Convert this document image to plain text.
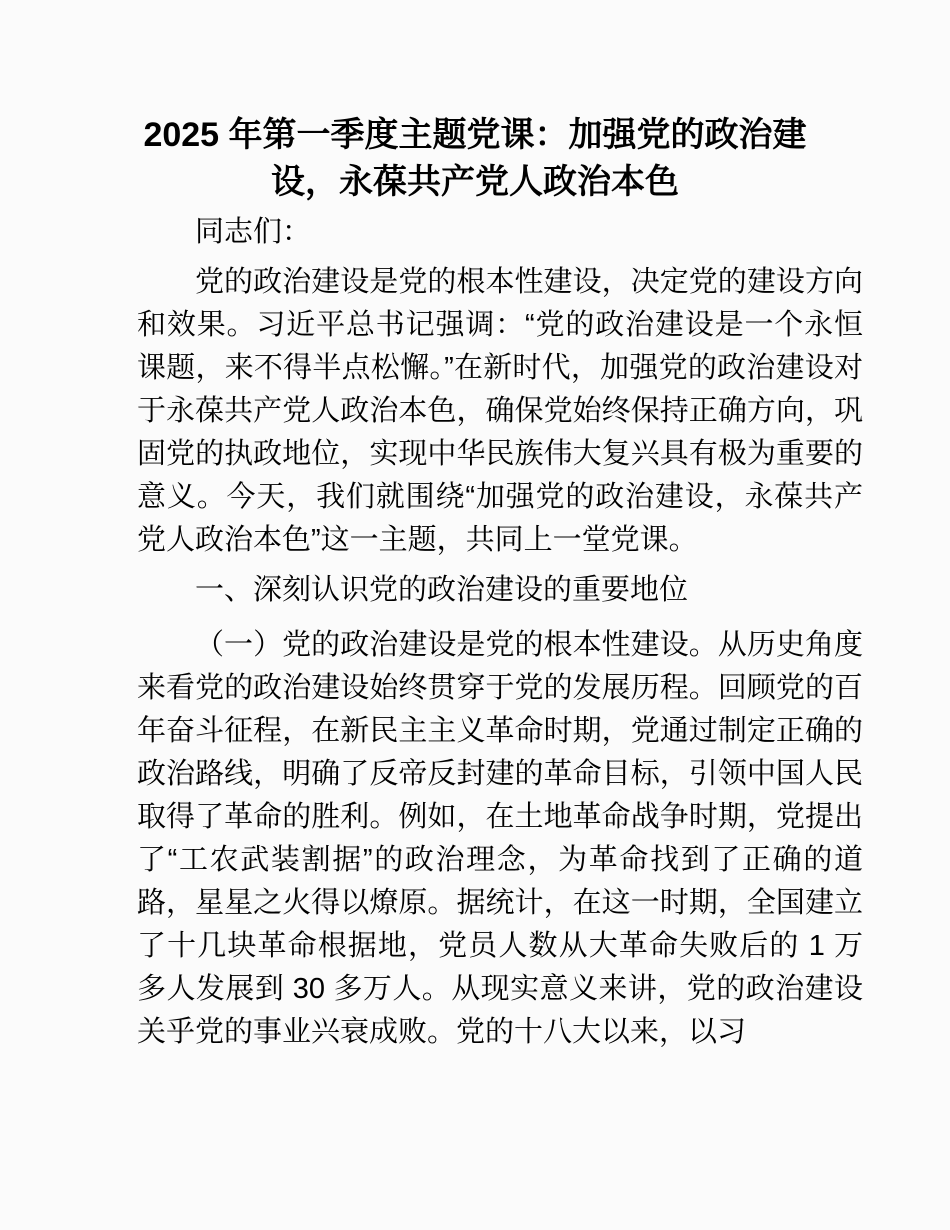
2025 年第一季度主题党课：加强党的政治建设，永葆共产党人政治本色

同志们：

党的政治建设是党的根本性建设，决定党的建设方向和效果。习近平总书记强调：“党的政治建设是一个永恒课题，来不得半点松懈。”在新时代，加强党的政治建设对于永葆共产党人政治本色，确保党始终保持正确方向，巩固党的执政地位，实现中华民族伟大复兴具有极为重要的意义。今天，我们就围绕“加强党的政治建设，永葆共产党人政治本色”这一主题，共同上一堂党课。

一、深刻认识党的政治建设的重要地位

（一）党的政治建设是党的根本性建设。从历史角度来看党的政治建设始终贯穿于党的发展历程。回顾党的百年奋斗征程，在新民主主义革命时期，党通过制定正确的政治路线，明确了反帝反封建的革命目标，引领中国人民取得了革命的胜利。例如，在土地革命战争时期，党提出了“工农武装割据”的政治理念，为革命找到了正确的道路，星星之火得以燎原。据统计，在这一时期，全国建立了十几块革命根据地，党员人数从大革命失败后的 1 万多人发展到 30 多万人。从现实意义来讲，党的政治建设关乎党的事业兴衰成败。党的十八大以来，以习
